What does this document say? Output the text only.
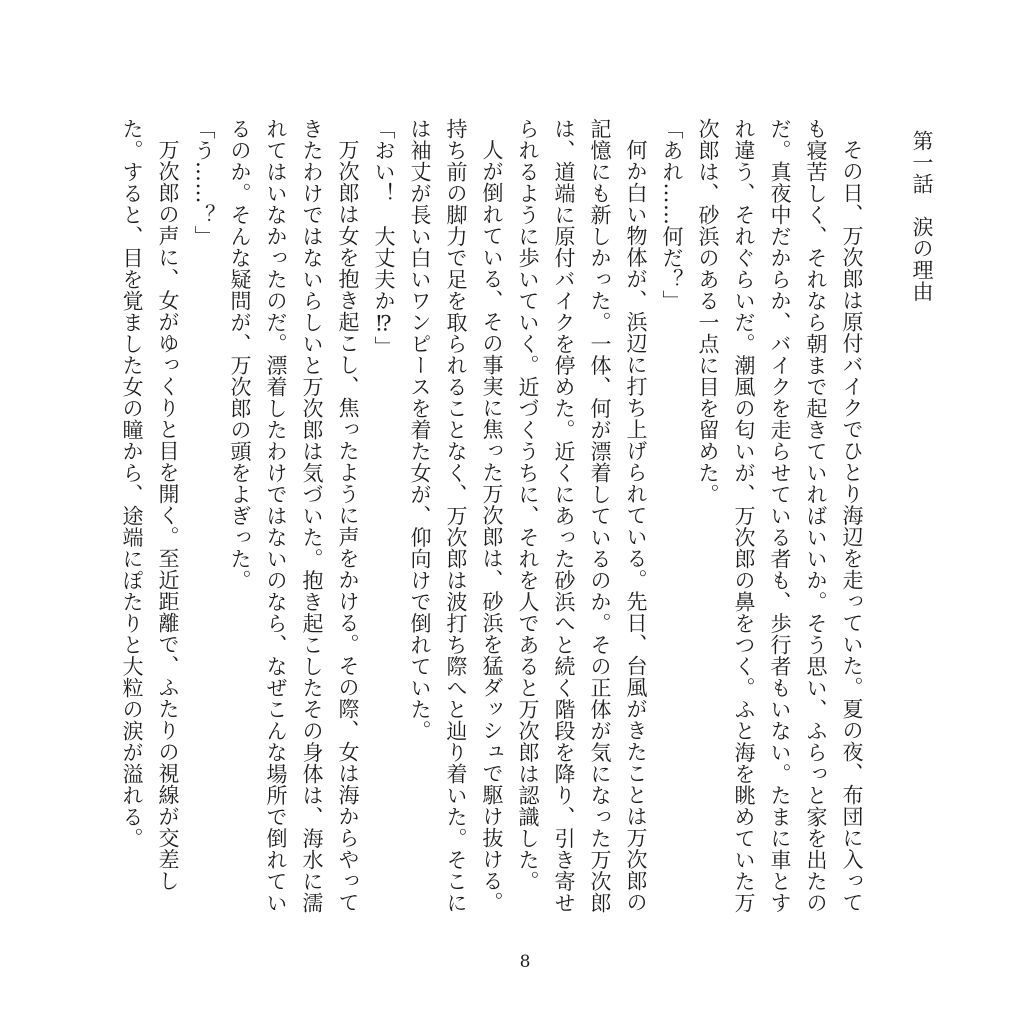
第一話　涙の理由

その日、万次郎は原付バイクでひとり海辺を走っていた。夏の夜、布団に入っても寝苦しく、それなら朝まで起きていればいいか。そう思い、ふらっと家を出たのだ。真夜中だからか、バイクを走らせている者も、歩行者もいない。たまに車とすれ違う、それぐらいだ。潮風の匂いが、万次郎の鼻をつく。ふと海を眺めていた万次郎は、砂浜のある一点に目を留めた。

「あれ……何だ？」

何か白い物体が、浜辺に打ち上げられている。先日、台風がきたことは万次郎の記憶にも新しかった。一体、何が漂着しているのか。その正体が気になった万次郎は、道端に原付バイクを停めた。近くにあった砂浜へと続く階段を降り、引き寄せられるように歩いていく。近づくうちに、それを人であると万次郎は認識した。

人が倒れている、その事実に焦った万次郎は、砂浜を猛ダッシュで駆け抜ける。持ち前の脚力で足を取られることなく、万次郎は波打ち際へと辿り着いた。そこには袖丈が長い白いワンピースを着た女が、仰向けで倒れていた。

「おい！　大丈夫か⁉」

万次郎は女を抱き起こし、焦ったように声をかける。その際、女は海からやってきたわけではないらしいと万次郎は気づいた。抱き起こしたその身体は、海水に濡れてはいなかったのだ。漂着したわけではないのなら、なぜこんな場所で倒れているのか。そんな疑問が、万次郎の頭をよぎった。

「う……？」

万次郎の声に、女がゆっくりと目を開く。至近距離で、ふたりの視線が交差した。すると、目を覚ました女の瞳から、途端にぽたりと大粒の涙が溢れる。

8
